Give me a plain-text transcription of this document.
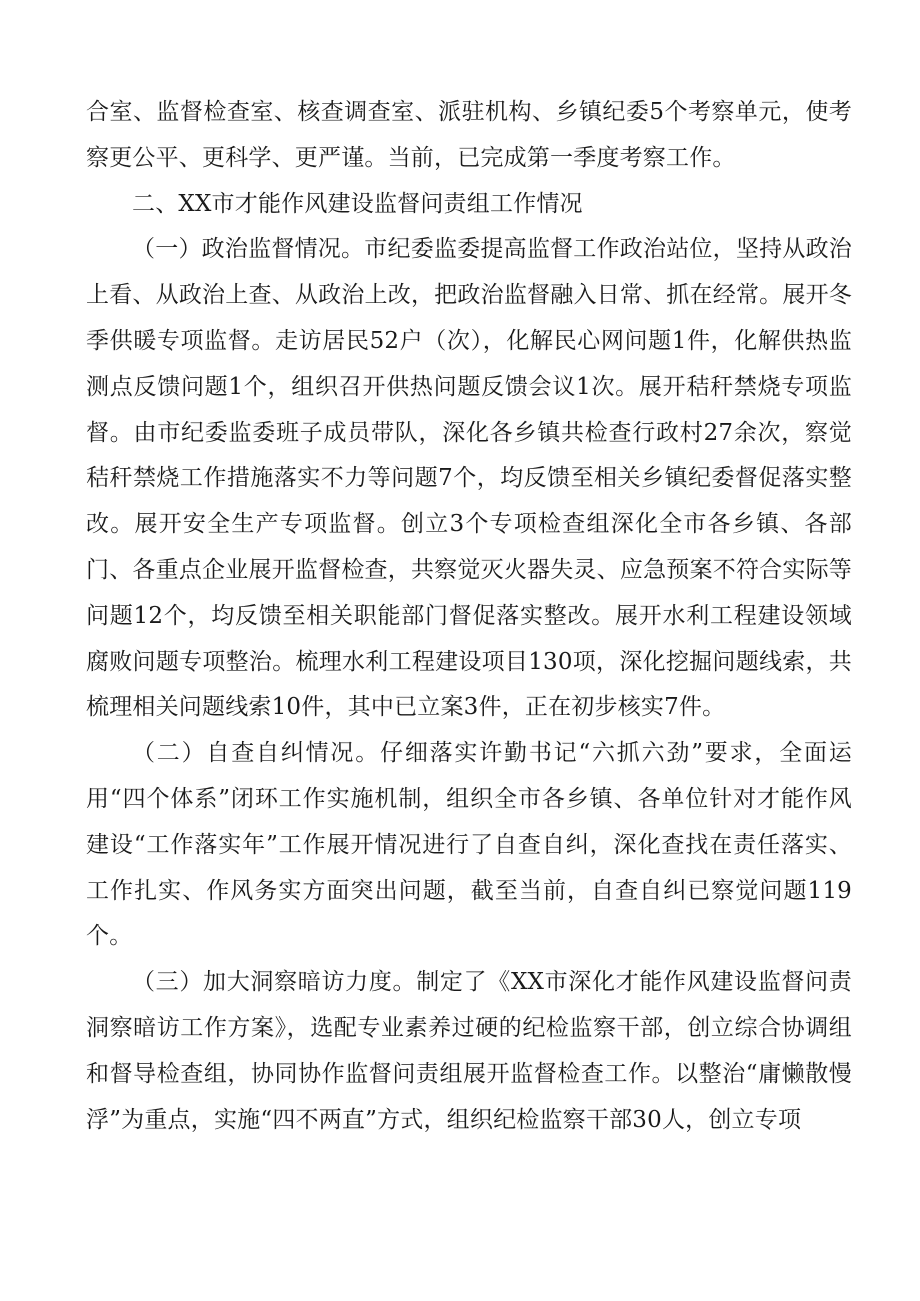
合室、监督检查室、核查调查室、派驻机构、乡镇纪委5个考察单元，使考察更公平、更科学、更严谨。当前，已完成第一季度考察工作。

二、XX市才能作风建设监督问责组工作情况

（一）政治监督情况。市纪委监委提高监督工作政治站位，坚持从政治上看、从政治上查、从政治上改，把政治监督融入日常、抓在经常。展开冬季供暖专项监督。走访居民52户（次），化解民心网问题1件，化解供热监测点反馈问题1个，组织召开供热问题反馈会议1次。展开秸秆禁烧专项监督。由市纪委监委班子成员带队，深化各乡镇共检查行政村27余次，察觉秸秆禁烧工作措施落实不力等问题7个，均反馈至相关乡镇纪委督促落实整改。展开安全生产专项监督。创立3个专项检查组深化全市各乡镇、各部门、各重点企业展开监督检查，共察觉灭火器失灵、应急预案不符合实际等问题12个，均反馈至相关职能部门督促落实整改。展开水利工程建设领域腐败问题专项整治。梳理水利工程建设项目130项，深化挖掘问题线索，共梳理相关问题线索10件，其中已立案3件，正在初步核实7件。

（二）自查自纠情况。仔细落实许勤书记“六抓六劲”要求，全面运用“四个体系”闭环工作实施机制，组织全市各乡镇、各单位针对才能作风建设“工作落实年”工作展开情况进行了自查自纠，深化查找在责任落实、工作扎实、作风务实方面突出问题，截至当前，自查自纠已察觉问题119个。

（三）加大洞察暗访力度。制定了《XX市深化才能作风建设监督问责洞察暗访工作方案》，选配专业素养过硬的纪检监察干部，创立综合协调组和督导检查组，协同协作监督问责组展开监督检查工作。以整治“庸懒散慢浮”为重点，实施“四不两直”方式，组织纪检监察干部30人，创立专项
